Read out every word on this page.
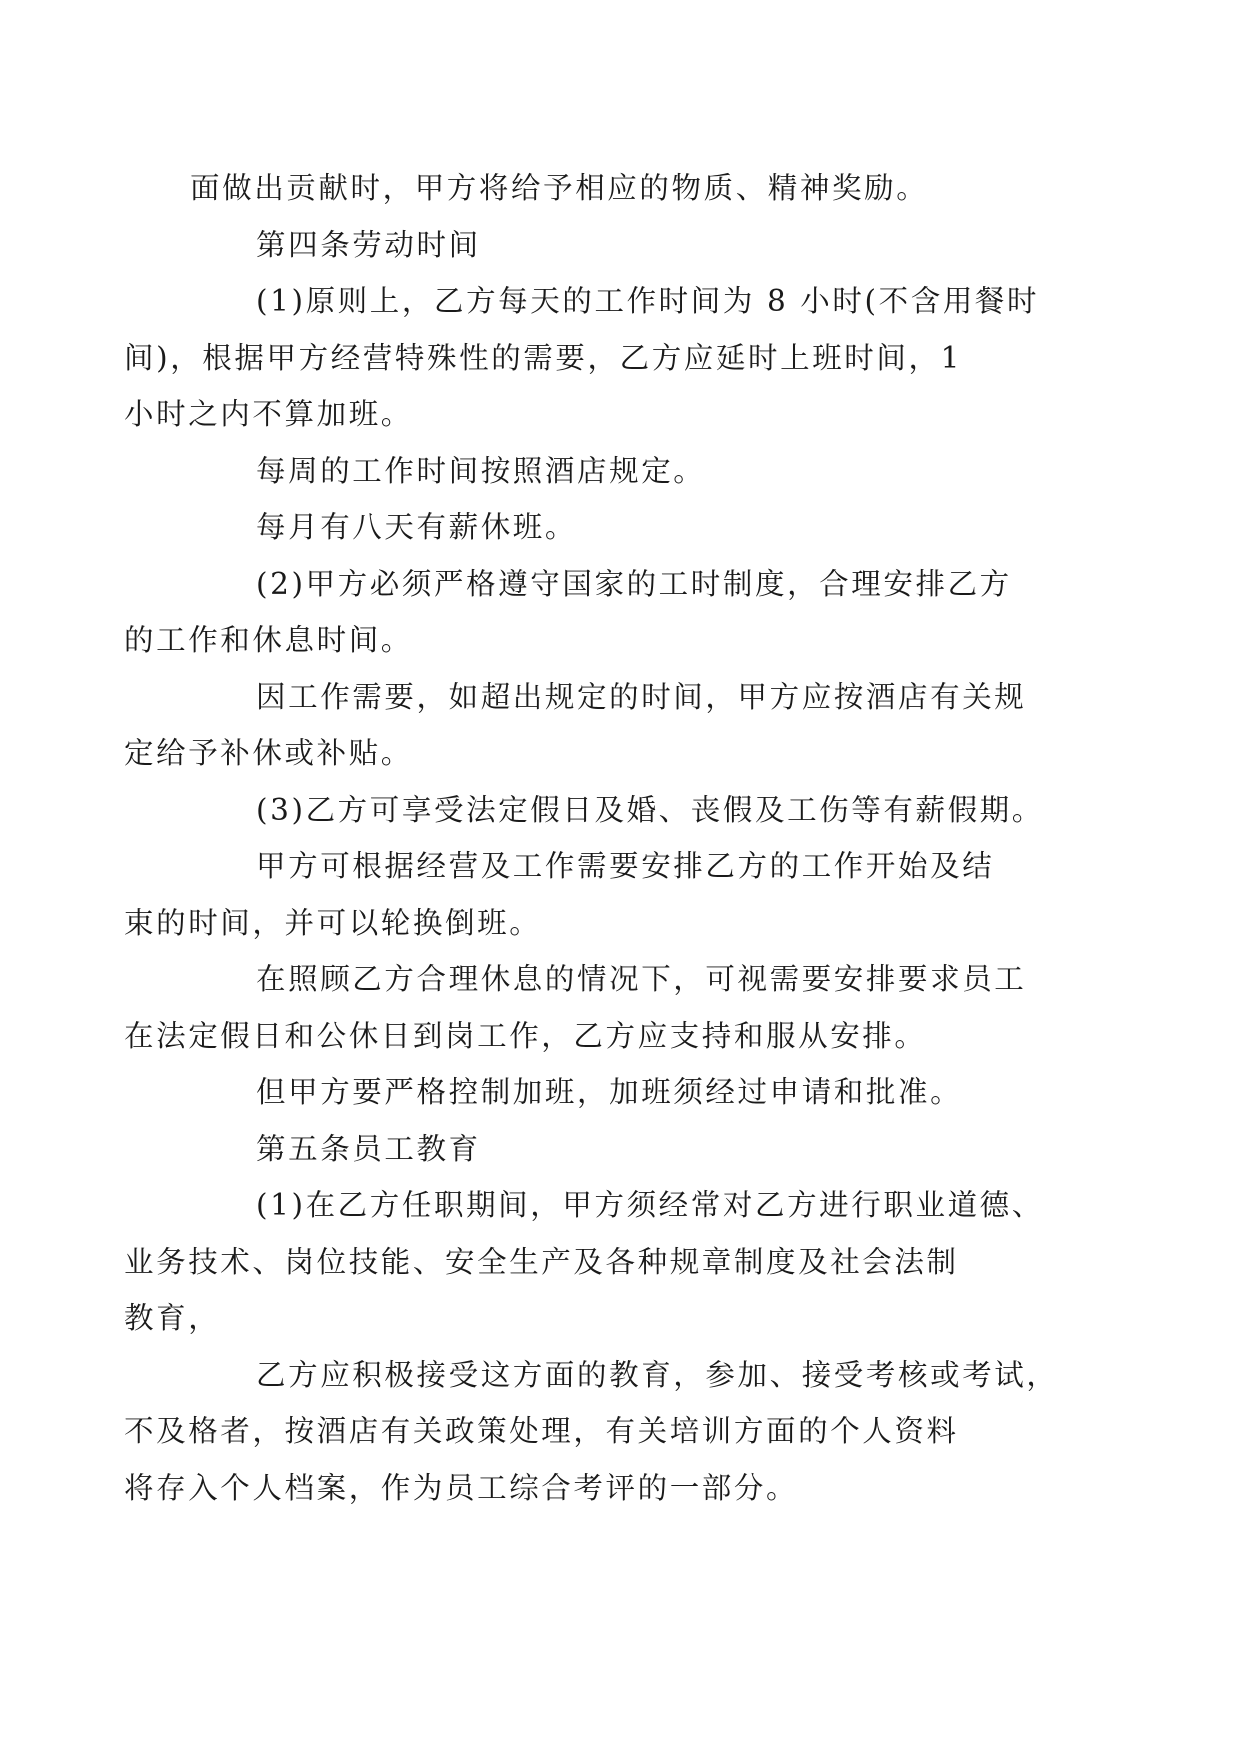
面做出贡献时，甲方将给予相应的物质、精神奖励。

第四条劳动时间

(1)原则上，乙方每天的工作时间为 8 小时(不含用餐时
间)，根据甲方经营特殊性的需要，乙方应延时上班时间，1
小时之内不算加班。

每周的工作时间按照酒店规定。

每月有八天有薪休班。

(2)甲方必须严格遵守国家的工时制度，合理安排乙方
的工作和休息时间。

因工作需要，如超出规定的时间，甲方应按酒店有关规
定给予补休或补贴。

(3)乙方可享受法定假日及婚、丧假及工伤等有薪假期。

甲方可根据经营及工作需要安排乙方的工作开始及结
束的时间，并可以轮换倒班。

在照顾乙方合理休息的情况下，可视需要安排要求员工
在法定假日和公休日到岗工作，乙方应支持和服从安排。

但甲方要严格控制加班，加班须经过申请和批准。

第五条员工教育

(1)在乙方任职期间，甲方须经常对乙方进行职业道德、
业务技术、岗位技能、安全生产及各种规章制度及社会法制
教育，

乙方应积极接受这方面的教育，参加、接受考核或考试，
不及格者，按酒店有关政策处理，有关培训方面的个人资料
将存入个人档案，作为员工综合考评的一部分。
